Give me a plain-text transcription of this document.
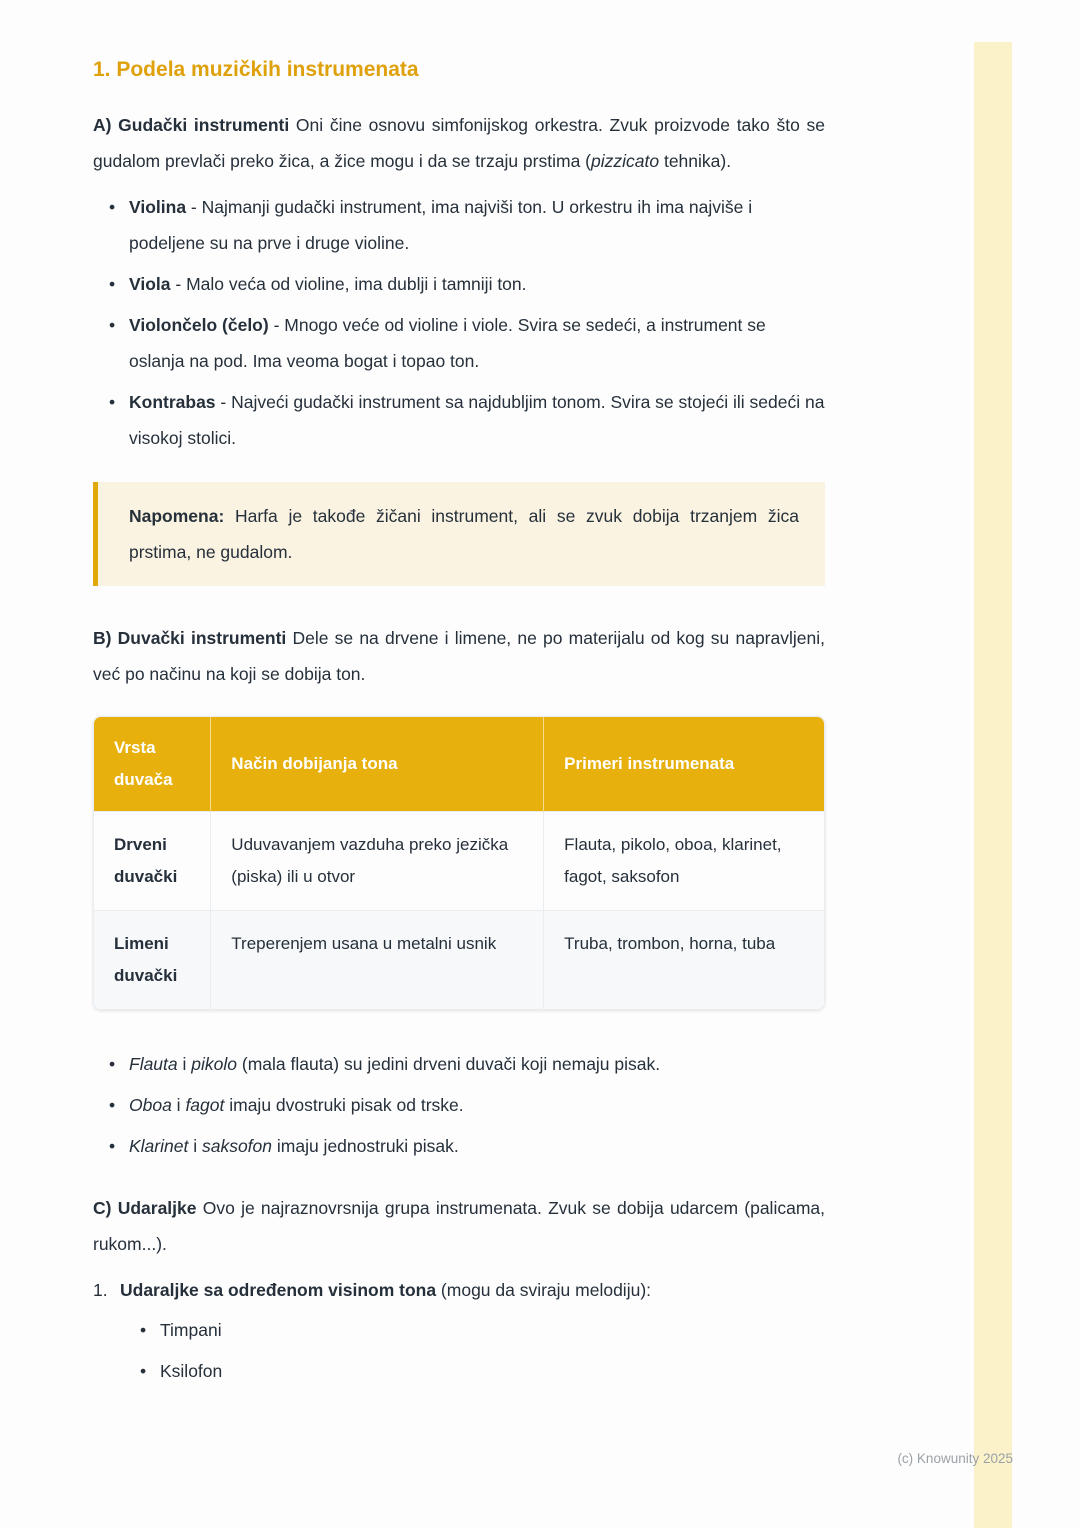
1. Podela muzičkih instrumenata

A) Gudački instrumenti Oni čine osnovu simfonijskog orkestra. Zvuk proizvode tako što se gudalom prevlači preko žica, a žice mogu i da se trzaju prstima (pizzicato tehnika).

• Violina - Najmanji gudački instrument, ima najviši ton. U orkestru ih ima najviše i podeljene su na prve i druge violine.
• Viola - Malo veća od violine, ima dublji i tamniji ton.
• Violončelo (čelo) - Mnogo veće od violine i viole. Svira se sedeći, a instrument se oslanja na pod. Ima veoma bogat i topao ton.
• Kontrabas - Najveći gudački instrument sa najdubljim tonom. Svira se stojeći ili sedeći na visokoj stolici.

Napomena: Harfa je takođe žičani instrument, ali se zvuk dobija trzanjem žica prstima, ne gudalom.

B) Duvački instrumenti Dele se na drvene i limene, ne po materijalu od kog su napravljeni, već po načinu na koji se dobija ton.

Vrsta duvača	Način dobijanja tona	Primeri instrumenata
Drveni duvački	Uduvavanjem vazduha preko jezička (piska) ili u otvor	Flauta, pikolo, oboa, klarinet, fagot, saksofon
Limeni duvački	Treperenjem usana u metalni usnik	Truba, trombon, horna, tuba
• Flauta i pikolo (mala flauta) su jedini drveni duvači koji nemaju pisak.
• Oboa i fagot imaju dvostruki pisak od trske.
• Klarinet i saksofon imaju jednostruki pisak.

C) Udaraljke Ovo je najraznovrsnija grupa instrumenata. Zvuk se dobija udarcem (palicama, rukom...).

1. Udaraljke sa određenom visinom tona (mogu da sviraju melodiju):

• Timpani
• Ksilofon
(c) Knowunity 2025
